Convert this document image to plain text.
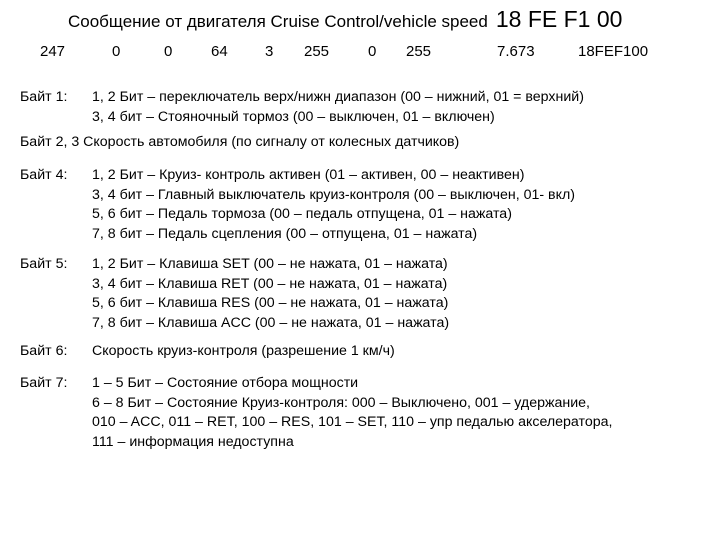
Сообщение от двигателя Cruise Control/vehicle speed 18 FE F1 00
247	0	0	64 3 255	0 255	7.673	18FEF100
Байт 1: 1, 2 Бит – переключатель верх/нижн диапазон (00 – нижний, 01 = верхний)
3, 4 бит – Стояночный тормоз (00 – выключен, 01 – включен)
Байт 2, 3 Скорость автомобиля (по сигналу от колесных датчиков)
Байт 4: 1, 2 Бит – Круиз- контроль активен (01 – активен, 00 – неактивен)
3, 4 бит – Главный выключатель круиз-контроля (00 – выключен, 01- вкл)
5, 6 бит – Педаль тормоза (00 – педаль отпущена, 01 – нажата)
7, 8 бит – Педаль сцепления (00 – отпущена, 01 – нажата)
Байт 5: 1, 2 Бит – Клавиша SET (00 – не нажата, 01 – нажата)
3, 4 бит – Клавиша RET (00 – не нажата, 01 – нажата)
5, 6 бит – Клавиша RES (00 – не нажата, 01 – нажата)
7, 8 бит – Клавиша ACC (00 – не нажата, 01 – нажата)
Байт 6: Скорость круиз-контроля (разрешение 1 км/ч)
Байт 7: 1 – 5 Бит – Состояние отбора мощности
6 – 8 Бит – Состояние Круиз-контроля: 000 – Выключено, 001 – удержание,
010 – ACC, 011 – RET, 100 – RES, 101 – SET, 110 – упр педалью акселератора,
111 – информация недоступна
